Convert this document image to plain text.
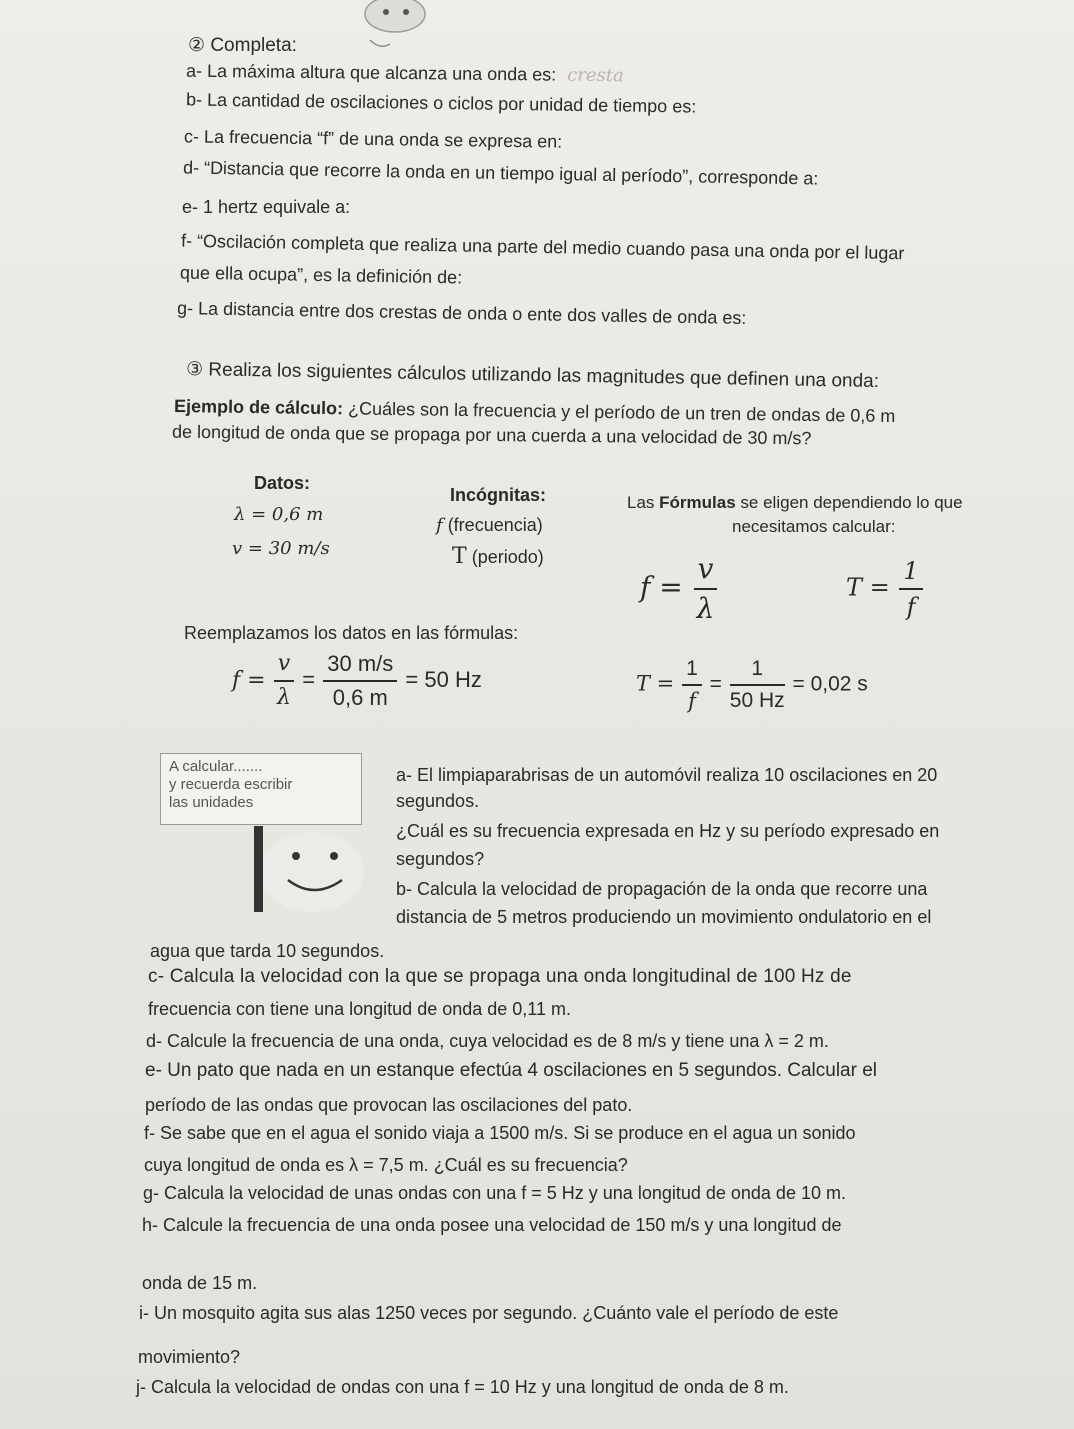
② Completa:
a- La máxima altura que alcanza una onda es: cresta
b- La cantidad de oscilaciones o ciclos por unidad de tiempo es:
c- La frecuencia “f” de una onda se expresa en:
d- “Distancia que recorre la onda en un tiempo igual al período”, corresponde a:
e- 1 hertz equivale a:
f- “Oscilación completa que realiza una parte del medio cuando pasa una onda por el lugar
que ella ocupa”, es la definición de:
g- La distancia entre dos crestas de onda o ente dos valles de onda es:
③ Realiza los siguientes cálculos utilizando las magnitudes que definen una onda:
Ejemplo de cálculo: ¿Cuáles son la frecuencia y el período de un tren de ondas de 0,6 m
de longitud de onda que se propaga por una cuerda a una velocidad de 30 m/s?
Datos:
λ = 0,6 m
v = 30 m/s
Incógnitas:
f (frecuencia)
T (periodo)
Las Fórmulas se eligen dependiendo lo que
necesitamos calcular:
$f = \frac{v}{\lambda}$	$T = \frac{1}{f}$
Reemplazamos los datos en las fórmulas:
$f = \frac{v}{\lambda} = \frac{30 m/s}{0,6 m} = 50$ Hz	$T = \frac{1}{f} = \frac{1}{50 Hz} = 0,02$ s
A calcular.......
y recuerda escribir
las unidades
a- El limpiaparabrisas de un automóvil realiza 10 oscilaciones en 20
segundos.
¿Cuál es su frecuencia expresada en Hz y su período expresado en
segundos?
b- Calcula la velocidad de propagación de la onda que recorre una
distancia de 5 metros produciendo un movimiento ondulatorio en el
agua que tarda 10 segundos.
c- Calcula la velocidad con la que se propaga una onda longitudinal de 100 Hz de
frecuencia con tiene una longitud de onda de 0,11 m.
d- Calcule la frecuencia de una onda, cuya velocidad es de 8 m/s y tiene una λ = 2 m.
e- Un pato que nada en un estanque efectúa 4 oscilaciones en 5 segundos. Calcular el
período de las ondas que provocan las oscilaciones del pato.
f- Se sabe que en el agua el sonido viaja a 1500 m/s. Si se produce en el agua un sonido
cuya longitud de onda es λ = 7,5 m. ¿Cuál es su frecuencia?
g- Calcula la velocidad de unas ondas con una f = 5 Hz y una longitud de onda de 10 m.
h- Calcule la frecuencia de una onda posee una velocidad de 150 m/s y una longitud de
onda de 15 m.
i- Un mosquito agita sus alas 1250 veces por segundo. ¿Cuánto vale el período de este
movimiento?
j- Calcula la velocidad de ondas con una f = 10 Hz y una longitud de onda de 8 m.
